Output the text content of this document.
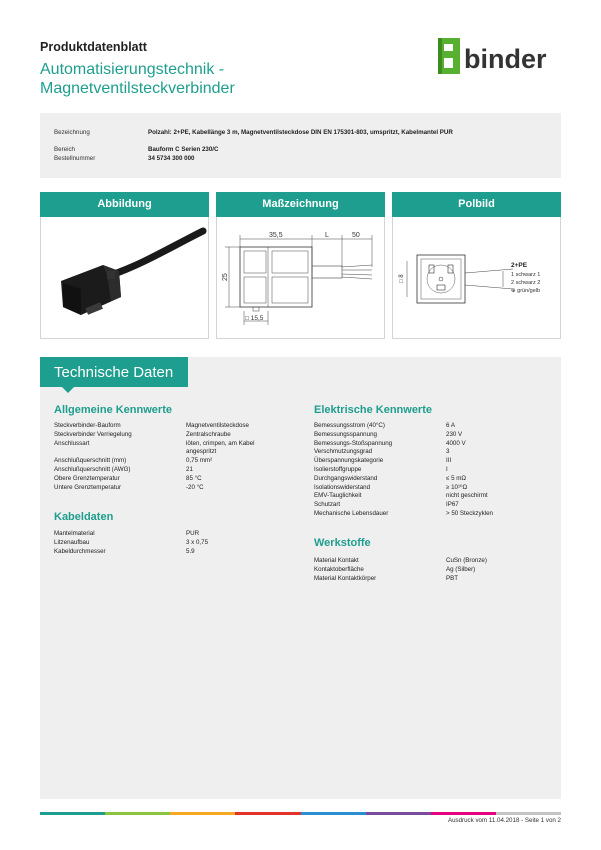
Produktdatenblatt
Automatisierungstechnik -
Magnetventilsteckverbinder
binder
Bezeichnung	Polzahl: 2+PE, Kabellänge 3 m, Magnetventilsteckdose DIN EN 175301-803, umspritzt, Kabelmantel PUR
Bereich	Bauform C Serien 230/C
Bestellnummer	34 5734 300 000
Abbildung	Maßzeichnung	Polbild
35,5	L	50
25
□ 15,5
□ 8
2+PE
1 schwarz 1
2 schwarz 2
⊕ grün/gelb
Technische Daten
Allgemeine Kennwerte
Steckverbinder-Bauform	Magnetventilsteckdose
Steckverbinder Verriegelung	Zentralschraube
Anschlussart	löten, crimpen, am Kabel
angespritzt
Anschlußquerschnitt (mm)	0,75 mm²
Anschlußquerschnitt (AWG)	21
Obere Grenztemperatur	85 °C
Untere Grenztemperatur	-20 °C
Kabeldaten
Mantelmaterial	PUR
Litzenaufbau	3 x 0,75
Kabeldurchmesser	5.9
Elektrische Kennwerte
Bemessungsstrom (40°C)	6 A
Bemessungsspannung	230 V
Bemessungs-Stoßspannung	4000 V
Verschmutzungsgrad	3
Überspannungskategorie	III
Isolierstoffgruppe	I
Durchgangswiderstand	≤ 5 mΩ
Isolationswiderstand	≥ 10¹⁰Ω
EMV-Tauglichkeit	nicht geschirmt
Schutzart	IP67
Mechanische Lebensdauer	> 50 Steckzyklen
Werkstoffe
Material Kontakt	CuSn (Bronze)
Kontaktoberfläche	Ag (Silber)
Material Kontaktkörper	PBT
Ausdruck vom 11.04.2018 - Seite 1 von 2
